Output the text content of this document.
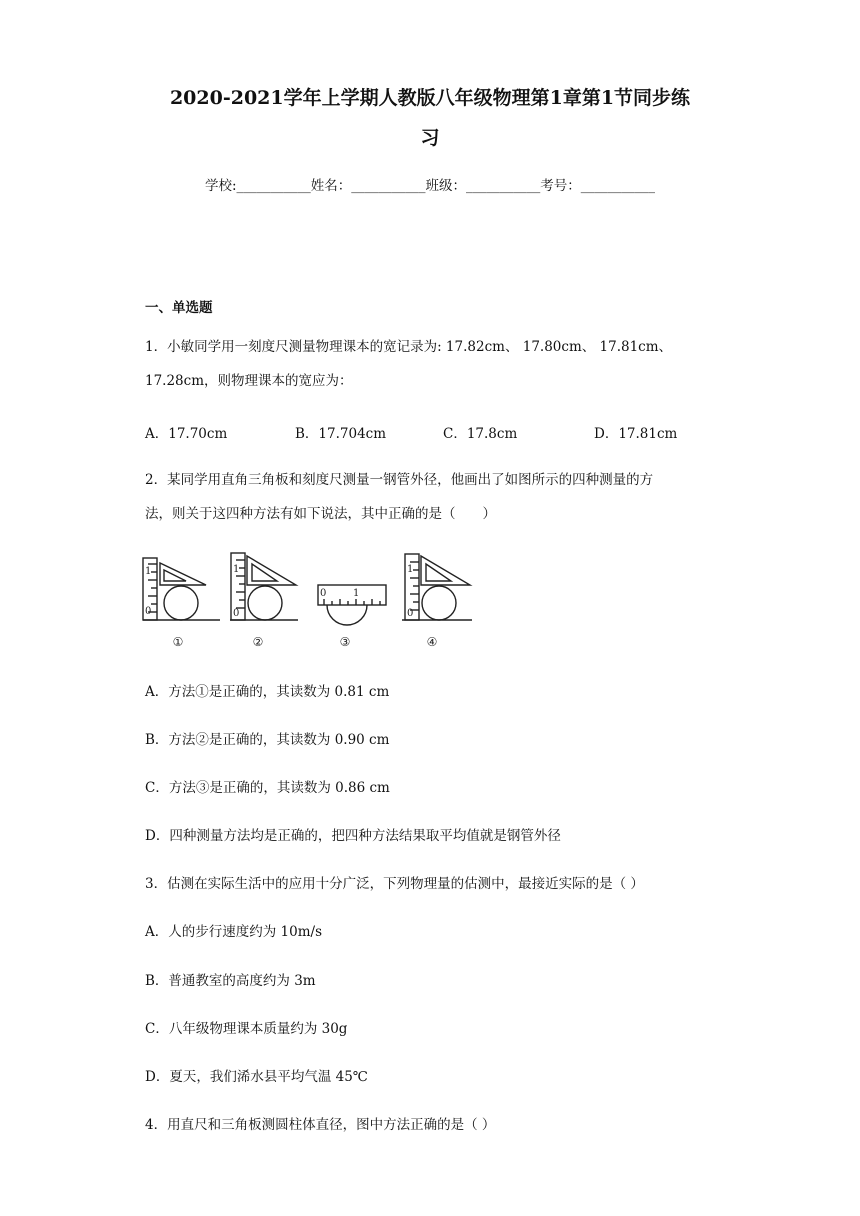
2020-2021学年上学期人教版八年级物理第1章第1节同步练
习
学校:___________姓名：___________班级：___________考号：___________
一、单选题
1．小敏同学用一刻度尺测量物理课本的宽记录为: 17.82cm、 17.80cm、 17.81cm、
17.28cm，则物理课本的宽应为：
A．17.70cm	B．17.704cm	C．17.8cm	D．17.81cm
2．某同学用直角三角板和刻度尺测量一钢管外径，他画出了如图所示的四种测量的方
法，则关于这四种方法有如下说法，其中正确的是（　　）
1
0
1
0
0	1
1
0
①	②	③	④
A．方法①是正确的，其读数为 0.81 cm
B．方法②是正确的，其读数为 0.90 cm
C．方法③是正确的，其读数为 0.86 cm
D．四种测量方法均是正确的，把四种方法结果取平均值就是钢管外径
3．估测在实际生活中的应用十分广泛，下列物理量的估测中，最接近实际的是（ ）
A．人的步行速度约为 10m/s
B．普通教室的高度约为 3m
C．八年级物理课本质量约为 30g
D．夏天，我们浠水县平均气温 45℃
4．用直尺和三角板测圆柱体直径，图中方法正确的是（ ）
